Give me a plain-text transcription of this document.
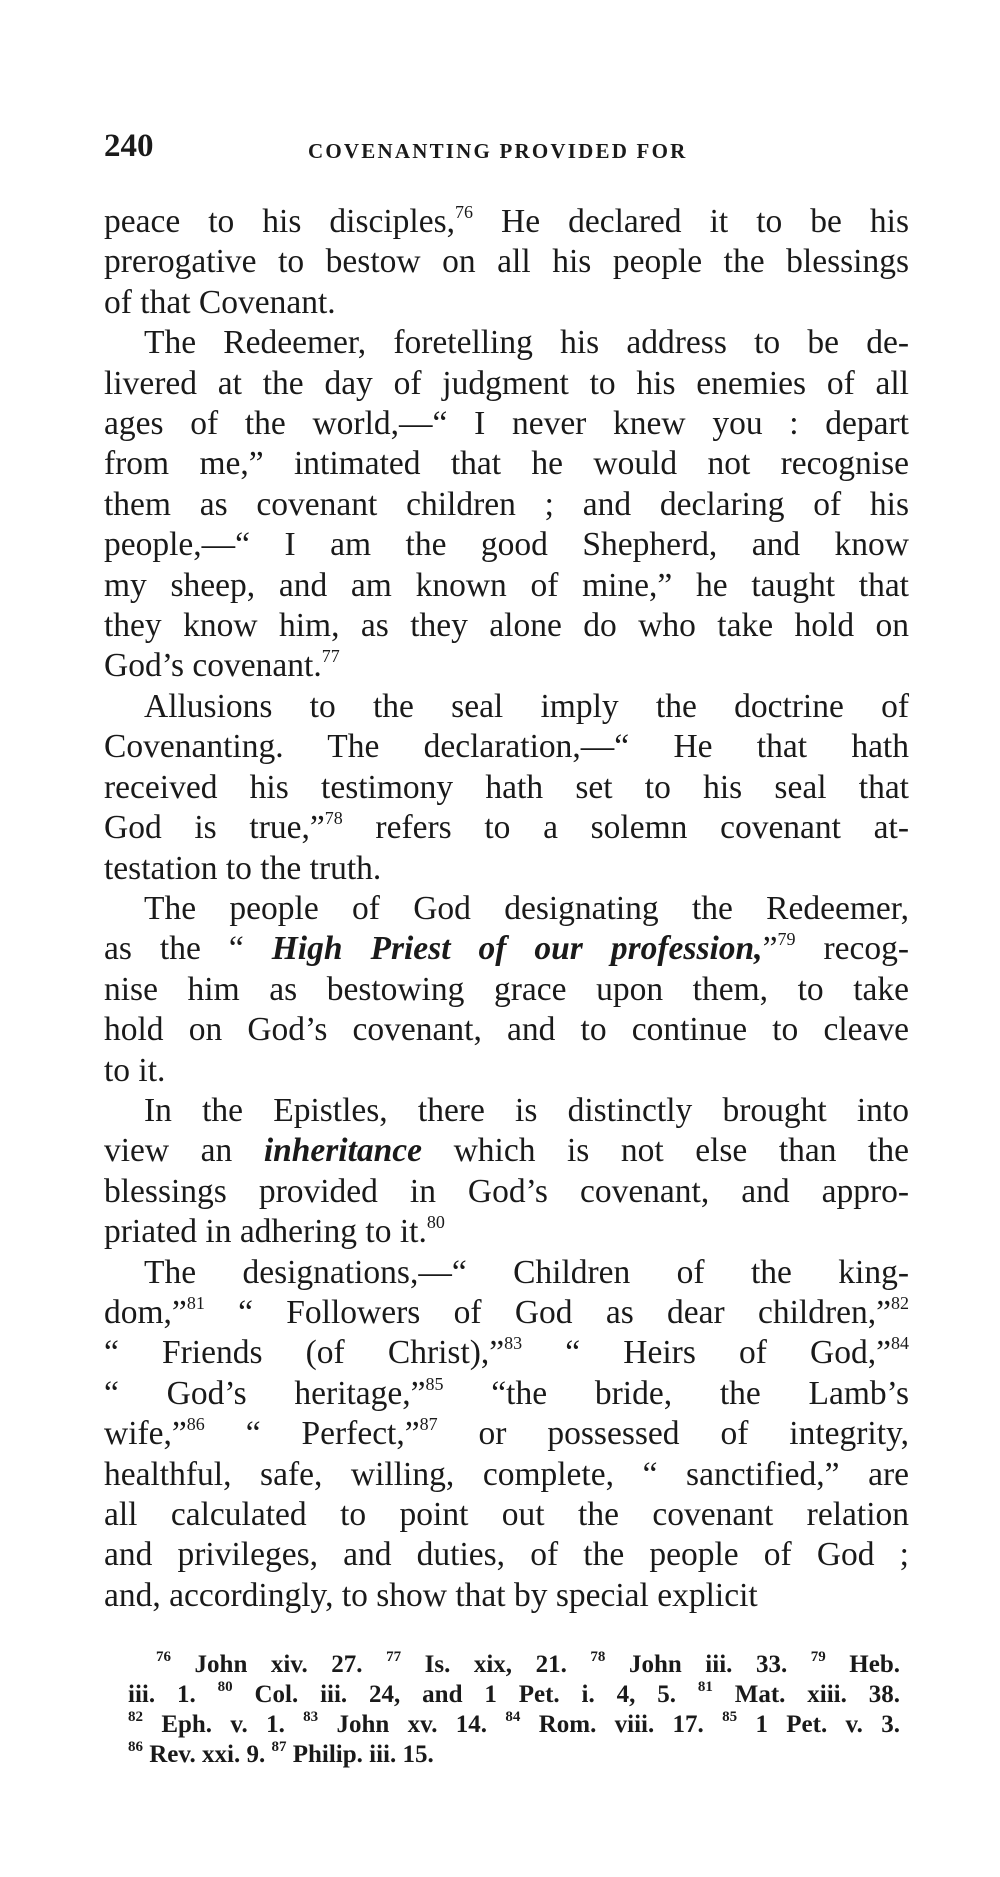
240	COVENANTING PROVIDED FOR
peace to his disciples,$^{76}$ He declared it to be his
prerogative to bestow on all his people the blessings
of that Covenant.
The Redeemer, foretelling his address to be de-
livered at the day of judgment to his enemies of all
ages of the world,—“ I never knew you : depart
from me,” intimated that he would not recognise
them as covenant children ; and declaring of his
people,—“ I am the good Shepherd, and know
my sheep, and am known of mine,” he taught that
they know him, as they alone do who take hold on
God’s covenant.$^{77}$
Allusions to the seal imply the doctrine of
Covenanting. The declaration,—“ He that hath
received his testimony hath set to his seal that
God is true,”$^{78}$ refers to a solemn covenant at-
testation to the truth.
The people of God designating the Redeemer,
as the “ High Priest of our profession,”$^{79}$ recog-
nise him as bestowing grace upon them, to take
hold on God’s covenant, and to continue to cleave
to it.
In the Epistles, there is distinctly brought into
view an inheritance which is not else than the
blessings provided in God’s covenant, and appro-
priated in adhering to it.$^{80}$
The designations,—“ Children of the king-
dom,”$^{81}$ “ Followers of God as dear children,”$^{82}$
“ Friends (of Christ),”$^{83}$ “ Heirs of God,”$^{84}$
“ God’s heritage,”$^{85}$ “the bride, the Lamb’s
wife,”$^{86}$ “ Perfect,”$^{87}$ or possessed of integrity,
healthful, safe, willing, complete, “ sanctified,” are
all calculated to point out the covenant relation
and privileges, and duties, of the people of God ;
and, accordingly, to show that by special explicit
$^{76}$ John xiv. 27. $^{77}$ Is. xix, 21. $^{78}$ John iii. 33. $^{79}$ Heb.
iii. 1. $^{80}$ Col. iii. 24, and 1 Pet. i. 4, 5. $^{81}$ Mat. xiii. 38.
$^{82}$ Eph. v. 1. $^{83}$ John xv. 14. $^{84}$ Rom. viii. 17. $^{85}$ 1 Pet. v. 3.
$^{86}$ Rev. xxi. 9. $^{87}$ Philip. iii. 15.
